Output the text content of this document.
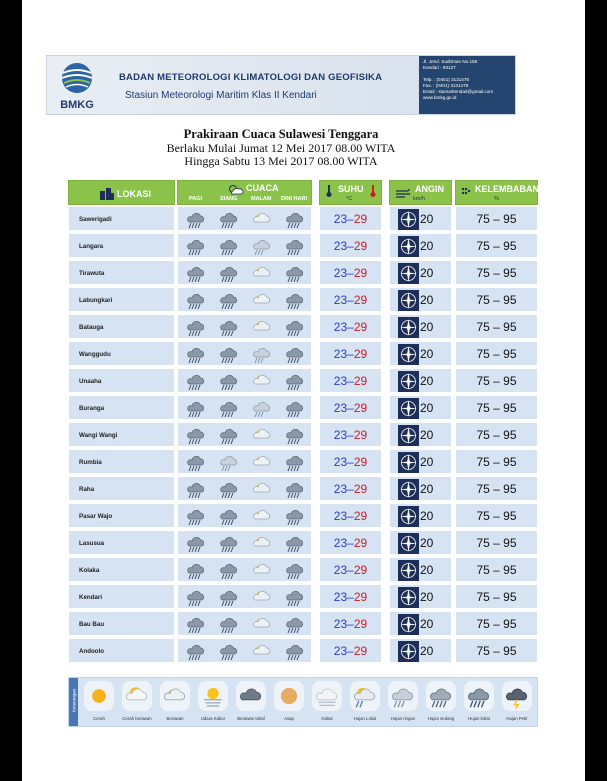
BMKG
BADAN METEOROLOGI KLIMATOLOGI DAN GEOFISIKA
Stasiun Meteorologi Maritim Klas II Kendari
Jl. Jend. Sudirman No.158
Kendari - 93127

Telp. : (0401) 3131478
Fax. : (0401) 3131478
Email : stamarkendari@gmail.com
www.bmkg.go.id
Prakiraan Cuaca Sulawesi Tenggara
Berlaku Mulai Jumat 12 Mei 2017 08.00 WITA
Hingga Sabtu 13 Mei 2017 08.00 WITA
LOKASI
CUACA
PAGI	SIANG MALAM DINI HARI
SUHU
°C
ANGIN
km/h
KELEMBABAN
%
Sawerigadi	23–29	20	75 – 95
Langara	23–29	20	75 – 95
Tirawuta	23–29	20	75 – 95
Labungkari	23–29	20	75 – 95
Batauga	23–29	20	75 – 95
Wanggudu	23–29	20	75 – 95
Unaaha	23–29	20	75 – 95
Buranga	23–29	20	75 – 95
Wangi Wangi	23–29	20	75 – 95
Rumbia	23–29	20	75 – 95
Raha	23–29	20	75 – 95
Pasar Wajo	23–29	20	75 – 95
Lasusua	23–29	20	75 – 95
Kolaka	23–29	20	75 – 95
Kendari	23–29	20	75 – 95
Bau Bau	23–29	20	75 – 95
Andoolo	23–29	20	75 – 95
Keterangan
Cerah	Cerah berawan	Berawan	Udara Kabur	Berawan tebal	Asap	Kabut	Hujan Lokal	Hujan ringan	Hujan sedang	Hujan lebat	Hujan Petir
